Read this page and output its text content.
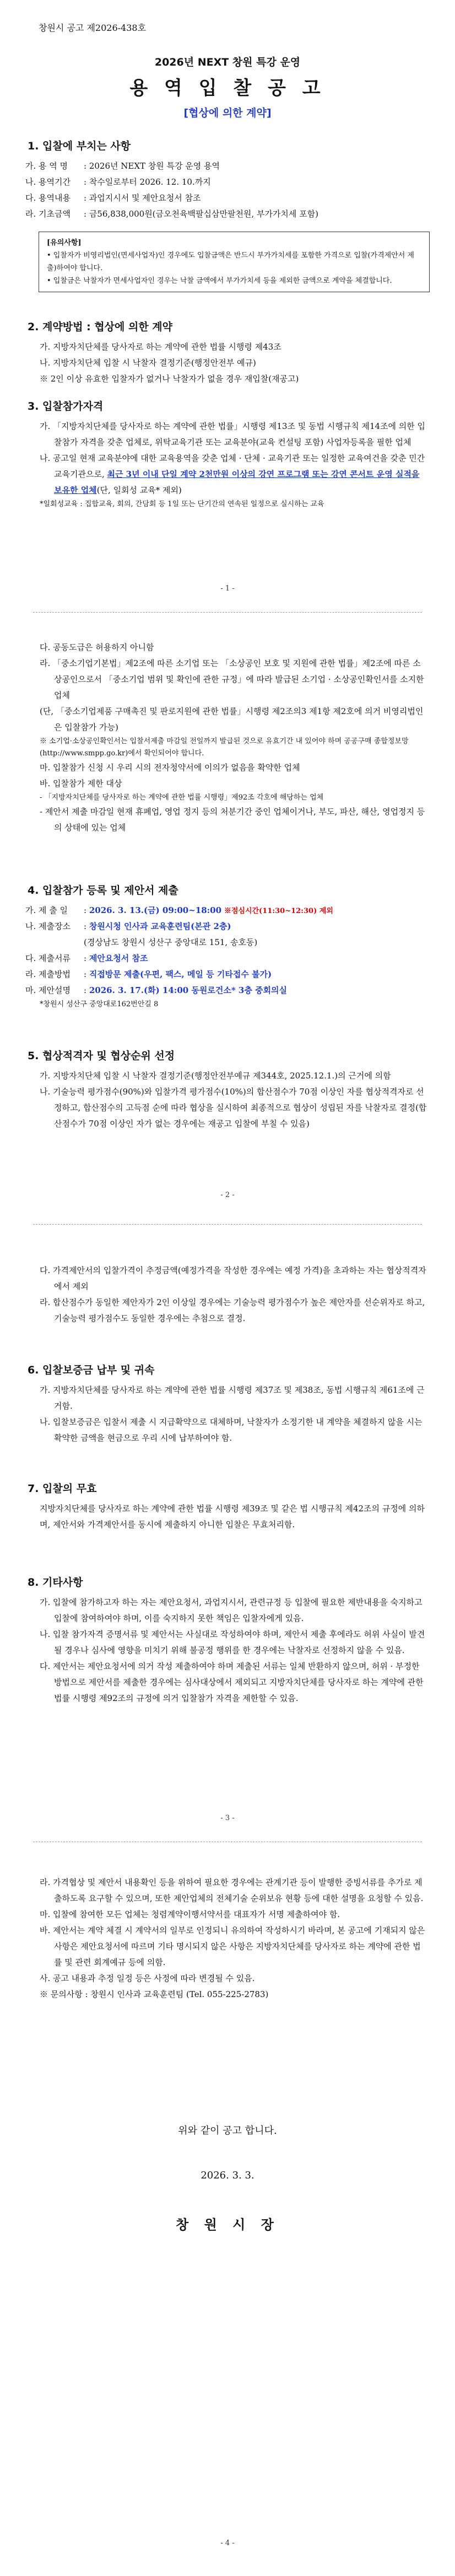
창원시 공고 제2026-438호
2026년 NEXT 창원 특강 운영
용 역 입 찰 공 고
[협상에 의한 계약]
1. 입찰에 부치는 사항
가. 용 역 명 : 2026년 NEXT 창원 특강 운영 용역
나. 용역기간 : 착수일로부터 2026. 12. 10.까지
다. 용역내용 : 과업지시서 및 제안요청서 참조
라. 기초금액 : 금56,838,000원(금오천육백팔십삼만팔천원, 부가가치세 포함)
[유의사항]
• 입찰자가 비영리법인(면세사업자)인 경우에도 입찰금액은 반드시 부가가치세를 포함한 가격으로 입찰(가격제안서 제출)하여야 합니다.
• 입찰금은 낙찰자가 면세사업자인 경우는 낙찰 금액에서 부가가치세 등을 제외한 금액으로 계약을 체결합니다.
2. 계약방법 : 협상에 의한 계약
가. 지방자치단체를 당사자로 하는 계약에 관한 법률 시행령 제43조
나. 지방자치단체 입찰 시 낙찰자 결정기준(행정안전부 예규)
※ 2인 이상 유효한 입찰자가 없거나 낙찰자가 없을 경우 재입찰(재공고)
3. 입찰참가자격
가. 「지방자치단체를 당사자로 하는 계약에 관한 법률」시행령 제13조 및 동법 시행규칙 제14조에 의한 입찰참가 자격을 갖춘 업체로, 위탁교육기관 또는 교육분야(교육 컨설팅 포함) 사업자등록을 필한 업체
나. 공고일 현재 교육분야에 대한 교육용역을 갖춘 업체 · 단체 · 교육기관 또는 일정한 교육여건을 갖춘 민간 교육기관으로, 최근 3년 이내 단일 계약 2천만원 이상의 강연 프로그램 또는 강연 콘서트 운영 실적을 보유한 업체(단, 일회성 교육* 제외)
*일회성교육 : 집합교육, 회의, 간담회 등 1일 또는 단기간의 연속된 일정으로 실시하는 교육
- 1 -
다. 공동도급은 허용하지 아니함
라. 「중소기업기본법」제2조에 따른 소기업 또는 「소상공인 보호 및 지원에 관한 법률」제2조에 따른 소상공인으로서 「중소기업 범위 및 확인에 관한 규정」에 따라 발급된 소기업 · 소상공인확인서를 소지한 업체
(단, 「중소기업제품 구매촉진 및 판로지원에 관한 법률」시행령 제2조의3 제1항 제2호에 의거 비영리법인은 입찰참가 가능)
※ 소기업·소상공인확인서는 입찰서제출 마감일 전일까지 발급된 것으로 유효기간 내 있어야 하며 공공구매 종합정보망(http://www.smpp.go.kr)에서 확인되어야 합니다.
마. 입찰참가 신청 시 우리 시의 전자청약서에 이의가 없음을 확약한 업체
바. 입찰참가 제한 대상
- 「지방자치단체를 당사자로 하는 계약에 관한 법률 시행령」제92조 각호에 해당하는 업체
- 제안서 제출 마감일 현재 휴폐업, 영업 정지 등의 처분기간 중인 업체이거나, 부도, 파산, 해산, 영업정지 등의 상태에 있는 업체
4. 입찰참가 등록 및 제안서 제출
가. 제 출 일 : 2026. 3. 13.(금) 09:00~18:00 ※점심시간(11:30~12:30) 제외
나. 제출장소 : 창원시청 인사과 교육훈련팀(본관 2층)
(경상남도 창원시 성산구 중앙대로 151, 송호동)
다. 제출서류 : 제안요청서 참조
라. 제출방법 : 직접방문 제출(우편, 팩스, 메일 등 기타접수 불가)
마. 제안설명 : 2026. 3. 17.(화) 14:00 동원로건소* 3층 중회의실
*창원시 성산구 중앙대로162번안길 8
5. 협상적격자 및 협상순위 선정
가. 지방자치단체 입찰 시 낙찰자 결정기준(행정안전부예규 제344호, 2025.12.1.)의 근거에 의함
나. 기술능력 평가점수(90%)와 입찰가격 평가점수(10%)의 합산점수가 70점 이상인 자를 협상적격자로 선정하고, 합산점수의 고득점 순에 따라 협상을 실시하여 최종적으로 협상이 성립된 자를 낙찰자로 결정(합산점수가 70점 이상인 자가 없는 경우에는 재공고 입찰에 부칠 수 있음)
- 2 -
다. 가격제안서의 입찰가격이 추정금액(예정가격을 작성한 경우에는 예정 가격)을 초과하는 자는 협상적격자에서 제외
라. 합산점수가 동일한 제안자가 2인 이상일 경우에는 기술능력 평가점수가 높은 제안자를 선순위자로 하고, 기술능력 평가점수도 동일한 경우에는 추첨으로 결정.
6. 입찰보증금 납부 및 귀속
가. 지방자치단체를 당사자로 하는 계약에 관한 법률 시행령 제37조 및 제38조, 동법 시행규칙 제61조에 근거함.
나. 입찰보증금은 입찰서 제출 시 지급확약으로 대체하며, 낙찰자가 소정기한 내 계약을 체결하지 않을 시는 확약한 금액을 현금으로 우리 시에 납부하여야 함.
7. 입찰의 무효
지방자치단체를 당사자로 하는 계약에 관한 법률 시행령 제39조 및 같은 법 시행규칙 제42조의 규정에 의하며, 제안서와 가격제안서를 동시에 제출하지 아니한 입찰은 무효처리함.
8. 기타사항
가. 입찰에 참가하고자 하는 자는 제안요청서, 과업지시서, 관련규정 등 입찰에 필요한 제반내용을 숙지하고 입찰에 참여하여야 하며, 이를 숙지하지 못한 책임은 입찰자에게 있음.
나. 입찰 참가자격 증명서류 및 제안서는 사실대로 작성하여야 하며, 제안서 제출 후에라도 허위 사실이 발견될 경우나 심사에 영향을 미치기 위해 불공정 행위를 한 경우에는 낙찰자로 선정하지 않을 수 있음.
다. 제안서는 제안요청서에 의거 작성 제출하여야 하며 제출된 서류는 일체 반환하지 않으며, 허위 · 부정한 방법으로 제안서를 제출한 경우에는 심사대상에서 제외되고 지방자치단체를 당사자로 하는 계약에 관한 법률 시행령 제92조의 규정에 의거 입찰참가 자격을 제한할 수 있음.
- 3 -
라. 가격협상 및 제안서 내용확인 등을 위하여 필요한 경우에는 관계기관 등이 발행한 증빙서류를 추가로 제출하도록 요구할 수 있으며, 또한 제안업체의 전체기술 순위보유 현황 등에 대한 설명을 요청할 수 있음.
마. 입찰에 참여한 모든 업체는 청렴계약이행서약서를 대표자가 서명 제출하여야 함.
바. 제안서는 계약 체결 시 계약서의 일부로 인정되니 유의하여 작성하시기 바라며, 본 공고에 기재되지 않은 사항은 제안요청서에 따르며 기타 명시되지 않은 사항은 지방자치단체를 당사자로 하는 계약에 관한 법률 및 관련 회계예규 등에 의함.
사. 공고 내용과 추정 일정 등은 사정에 따라 변경될 수 있음.
※ 문의사항 : 창원시 인사과 교육훈련팀 (Tel. 055-225-2783)
위와 같이 공고 합니다.
2026. 3. 3.
창 원 시 장
- 4 -
